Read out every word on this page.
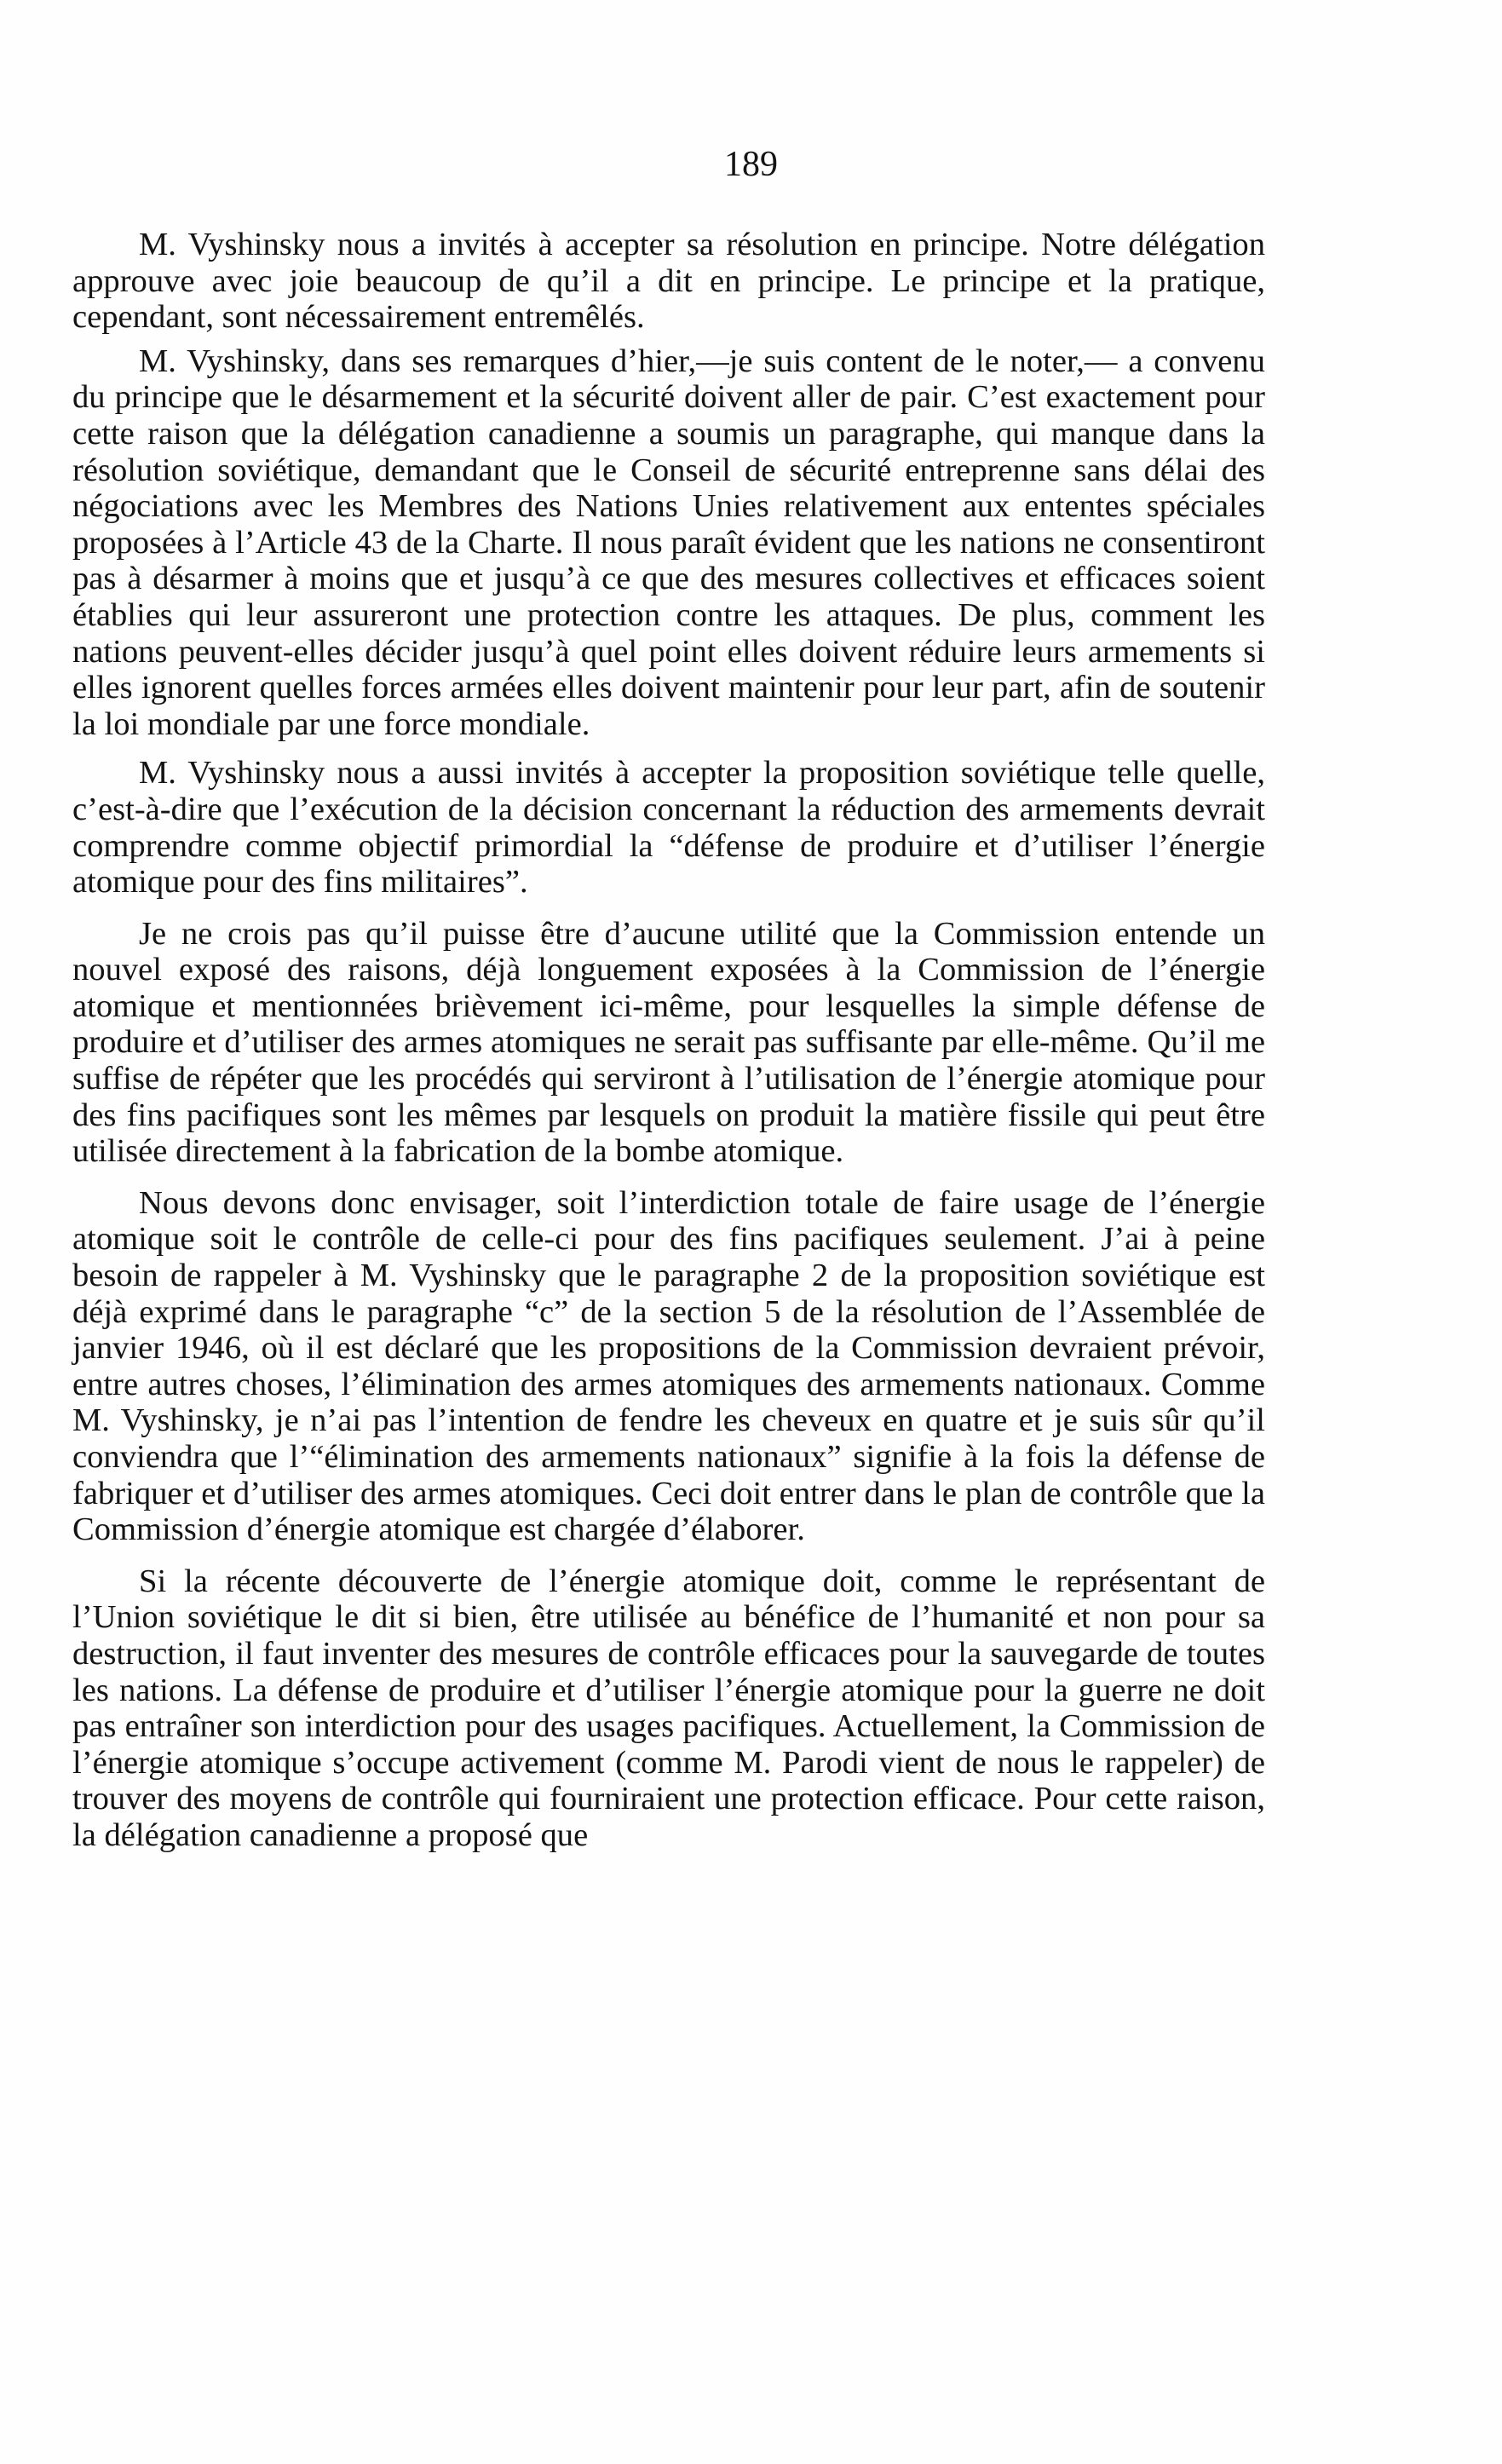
189

M. Vyshinsky nous a invités à accepter sa résolution en principe. Notre délégation approuve avec joie beaucoup de qu’il a dit en principe. Le principe et la pratique, cependant, sont nécessairement entremêlés.

M. Vyshinsky, dans ses remarques d’hier,—je suis content de le noter,— a convenu du principe que le désarmement et la sécurité doivent aller de pair. C’est exactement pour cette raison que la délégation canadienne a soumis un paragraphe, qui manque dans la résolution soviétique, demandant que le Conseil de sécurité entreprenne sans délai des négociations avec les Membres des Nations Unies relativement aux ententes spéciales proposées à l’Article 43 de la Charte. Il nous paraît évident que les nations ne consentiront pas à désarmer à moins que et jusqu’à ce que des mesures collectives et efficaces soient établies qui leur assureront une protection contre les attaques. De plus, comment les nations peuvent-elles décider jusqu’à quel point elles doivent réduire leurs armements si elles ignorent quelles forces armées elles doivent maintenir pour leur part, afin de soutenir la loi mondiale par une force mondiale.

M. Vyshinsky nous a aussi invités à accepter la proposition soviétique telle quelle, c’est-à-dire que l’exécution de la décision concernant la réduction des armements devrait comprendre comme objectif primordial la “défense de produire et d’utiliser l’énergie atomique pour des fins militaires”.

Je ne crois pas qu’il puisse être d’aucune utilité que la Commission entende un nouvel exposé des raisons, déjà longuement exposées à la Commission de l’énergie atomique et mentionnées brièvement ici-même, pour lesquelles la simple défense de produire et d’utiliser des armes atomiques ne serait pas suffisante par elle-même. Qu’il me suffise de répéter que les procédés qui serviront à l’utilisation de l’énergie atomique pour des fins pacifiques sont les mêmes par lesquels on produit la matière fissile qui peut être utilisée directement à la fabrication de la bombe atomique.

Nous devons donc envisager, soit l’interdiction totale de faire usage de l’énergie atomique soit le contrôle de celle-ci pour des fins pacifiques seulement. J’ai à peine besoin de rappeler à M. Vyshinsky que le paragraphe 2 de la proposition soviétique est déjà exprimé dans le paragraphe “c” de la section 5 de la résolution de l’Assemblée de janvier 1946, où il est déclaré que les propositions de la Commission devraient prévoir, entre autres choses, l’élimination des armes atomiques des armements nationaux. Comme M. Vyshinsky, je n’ai pas l’intention de fendre les cheveux en quatre et je suis sûr qu’il conviendra que l’“élimination des armements nationaux” signifie à la fois la défense de fabriquer et d’utiliser des armes atomiques. Ceci doit entrer dans le plan de contrôle que la Commission d’énergie atomique est chargée d’élaborer.

Si la récente découverte de l’énergie atomique doit, comme le représentant de l’Union soviétique le dit si bien, être utilisée au bénéfice de l’humanité et non pour sa destruction, il faut inventer des mesures de contrôle efficaces pour la sauvegarde de toutes les nations. La défense de produire et d’utiliser l’énergie atomique pour la guerre ne doit pas entraîner son interdiction pour des usages pacifiques. Actuellement, la Commission de l’énergie atomique s’occupe activement (comme M. Parodi vient de nous le rappeler) de trouver des moyens de contrôle qui fourniraient une protection efficace. Pour cette raison, la délégation canadienne a proposé que
